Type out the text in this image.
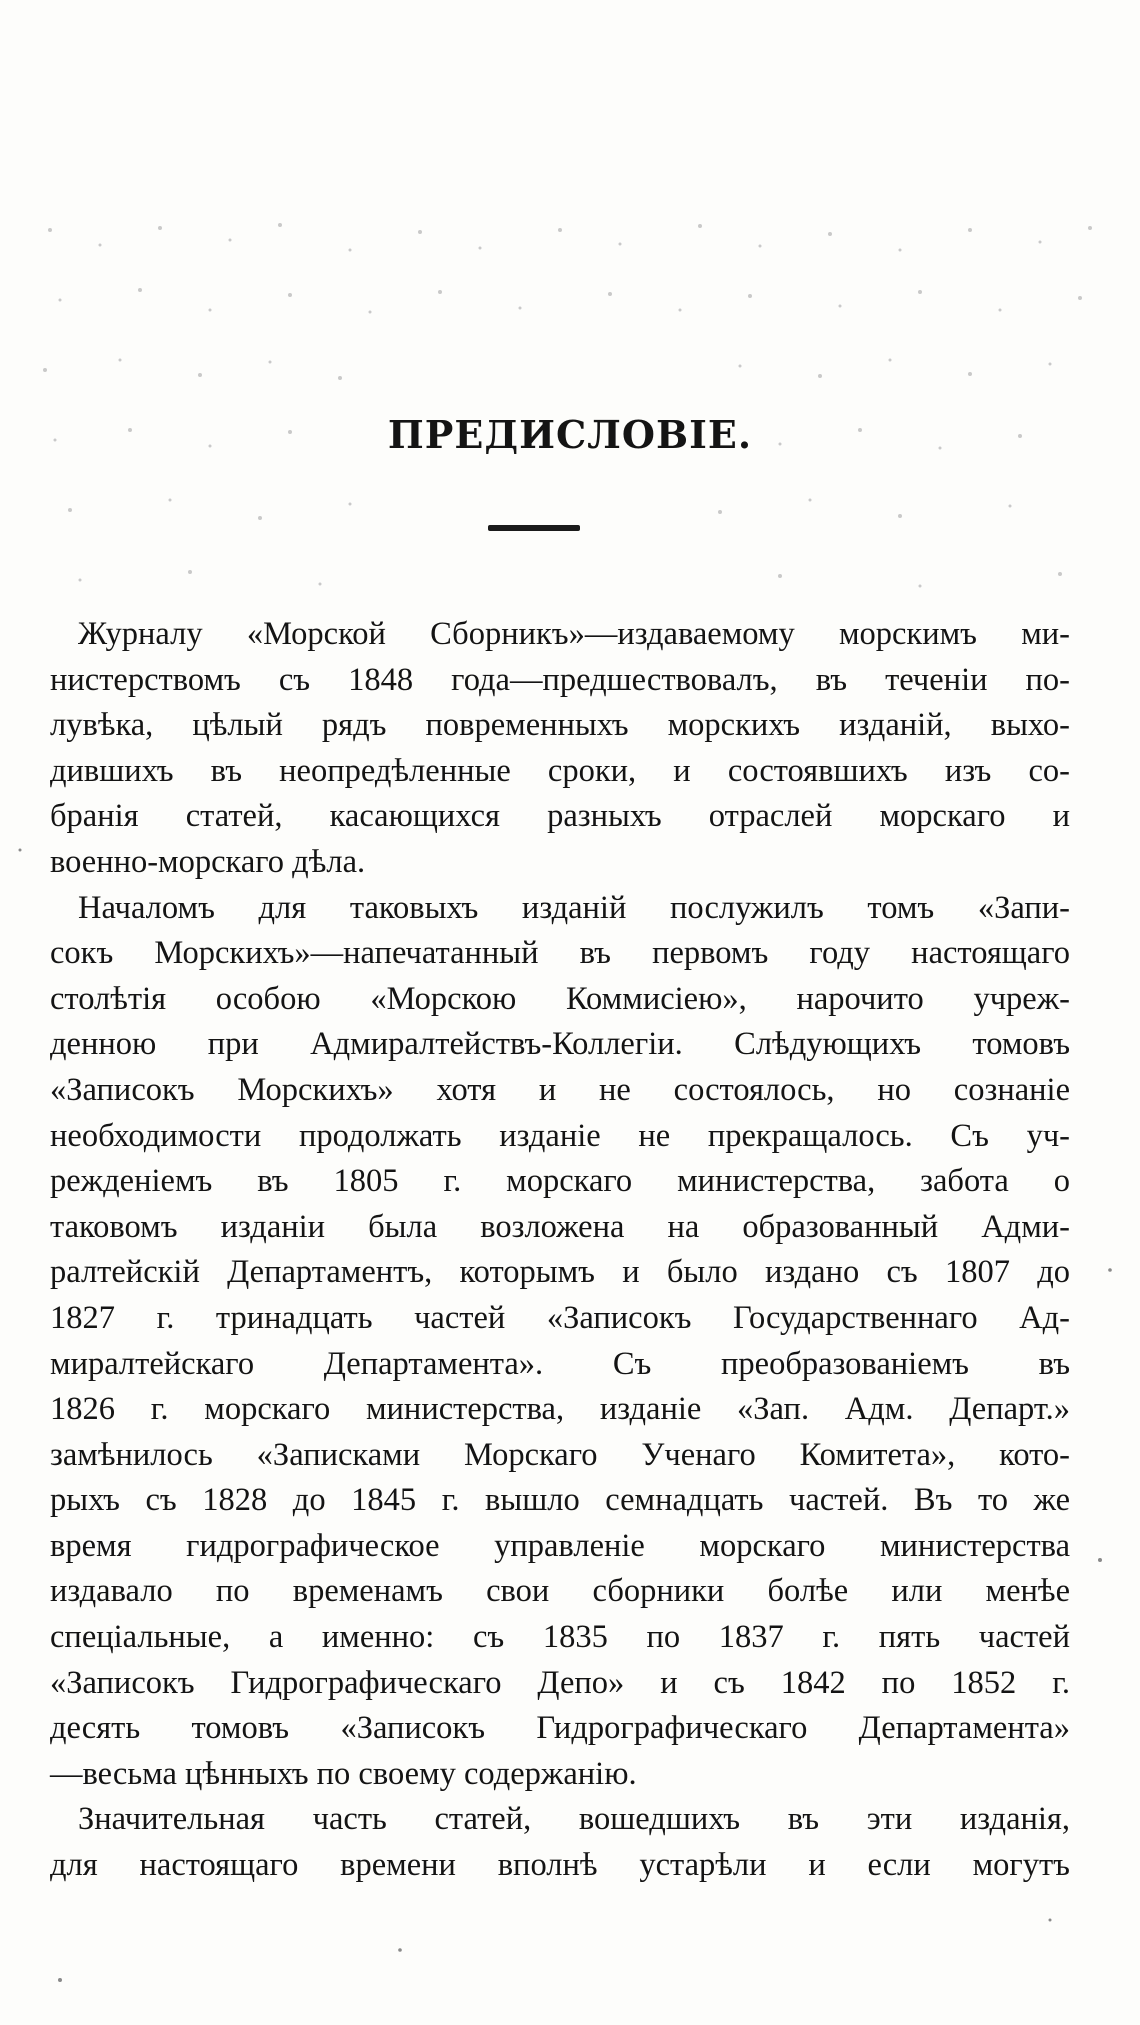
ПРЕДИСЛОВІЕ.
Журналу «Морской Сборникъ»—издаваемому морскимъ ми-
нистерствомъ съ 1848 года—предшествовалъ, въ теченіи по-
лувѣка, цѣлый рядъ повременныхъ морскихъ изданій, выхо-
дившихъ въ неопредѣленные сроки, и состоявшихъ изъ со-
бранія статей, касающихся разныхъ отраслей морскаго и
военно-морскаго дѣла.
Началомъ для таковыхъ изданій послужилъ томъ «Запи-
сокъ Морскихъ»—напечатанный въ первомъ году настоящаго
столѣтія особою «Морскою Коммисіею», нарочито учреж-
денною при Адмиралтействъ-Коллегіи. Слѣдующихъ томовъ
«Записокъ Морскихъ» хотя и не состоялось, но сознаніе
необходимости продолжать изданіе не прекращалось. Съ уч-
режденіемъ въ 1805 г. морскаго министерства, забота о
таковомъ изданіи была возложена на образованный Адми-
ралтейскій Департаментъ, которымъ и было издано съ 1807 до
1827 г. тринадцать частей «Записокъ Государственнаго Ад-
миралтейскаго Департамента». Съ преобразованіемъ въ
1826 г. морскаго министерства, изданіе «Зап. Адм. Департ.»
замѣнилось «Записками Морскаго Ученаго Комитета», кото-
рыхъ съ 1828 до 1845 г. вышло семнадцать частей. Въ то же
время гидрографическое управленіе морскаго министерства
издавало по временамъ свои сборники болѣе или менѣе
спеціальные, а именно: съ 1835 по 1837 г. пять частей
«Записокъ Гидрографическаго Депо» и съ 1842 по 1852 г.
десять томовъ «Записокъ Гидрографическаго Департамента»
—весьма цѣнныхъ по своему содержанію.
Значительная часть статей, вошедшихъ въ эти изданія,
для настоящаго времени вполнѣ устарѣли и если могутъ
